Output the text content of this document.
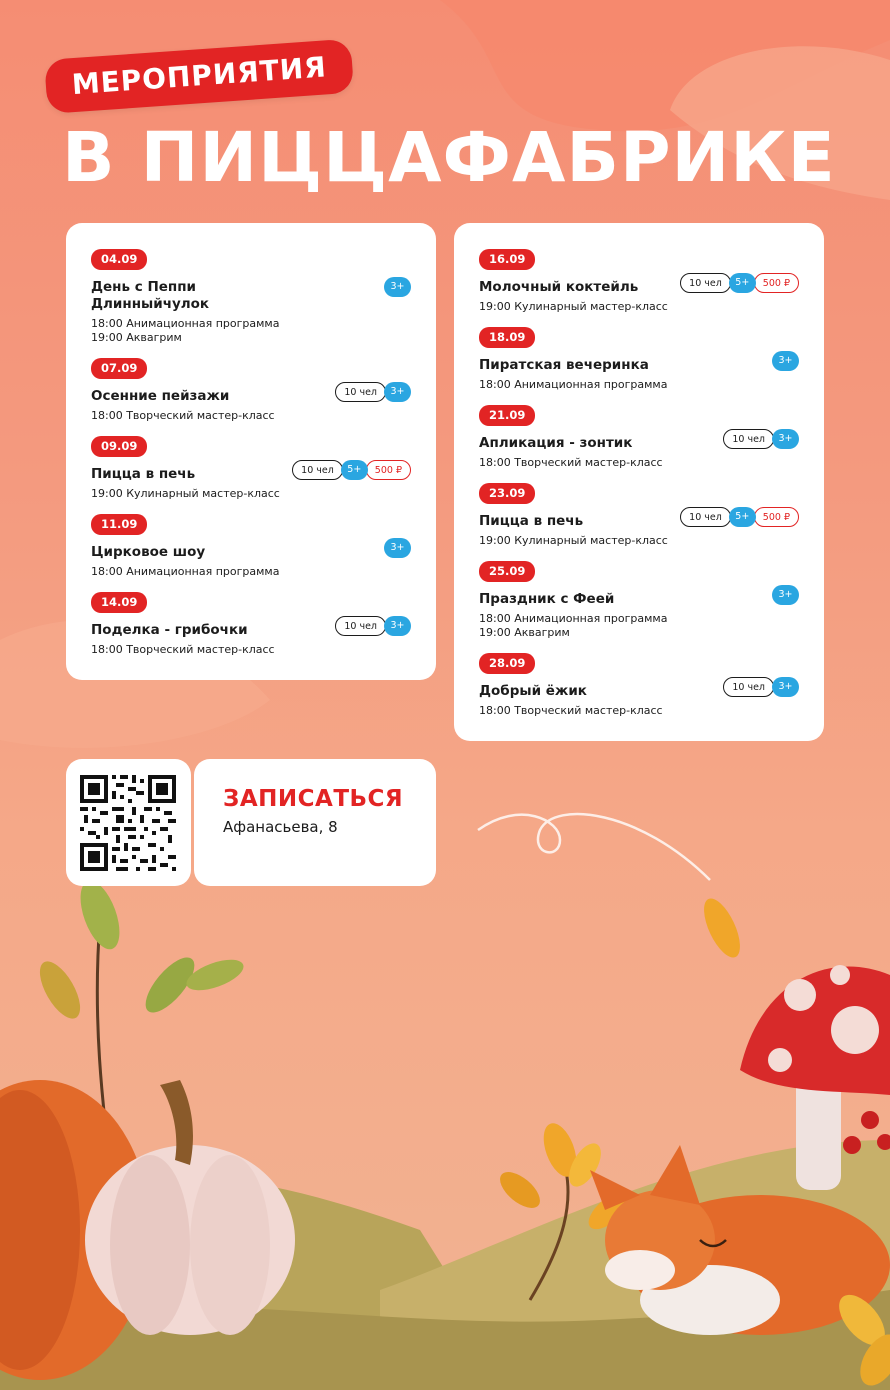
МЕРОПРИЯТИЯ
В ПИЦЦАФАБРИКЕ
04.09
День с Пеппи
Длинныйчулок
18:00 Анимационная программа
19:00 Аквагрим
3+
07.09
Осенние пейзажи
18:00 Творческий мастер-класс
10 чел	3+
09.09
Пицца в печь
19:00 Кулинарный мастер-класс
10 чел	5+	500 ₽
11.09
Цирковое шоу
18:00 Анимационная программа
3+
14.09
Поделка - грибочки
18:00 Творческий мастер-класс
10 чел	3+
16.09
Молочный коктейль
19:00 Кулинарный мастер-класс
10 чел	5+	500 ₽
18.09
Пиратская вечеринка
18:00 Анимационная программа
3+
21.09
Апликация - зонтик
18:00 Творческий мастер-класс
10 чел	3+
23.09
Пицца в печь
19:00 Кулинарный мастер-класс
10 чел	5+	500 ₽
25.09
Праздник с Феей
18:00 Анимационная программа
19:00 Аквагрим
3+
28.09
Добрый ёжик
18:00 Творческий мастер-класс
10 чел	3+
ЗАПИСАТЬСЯ
Афанасьева, 8
